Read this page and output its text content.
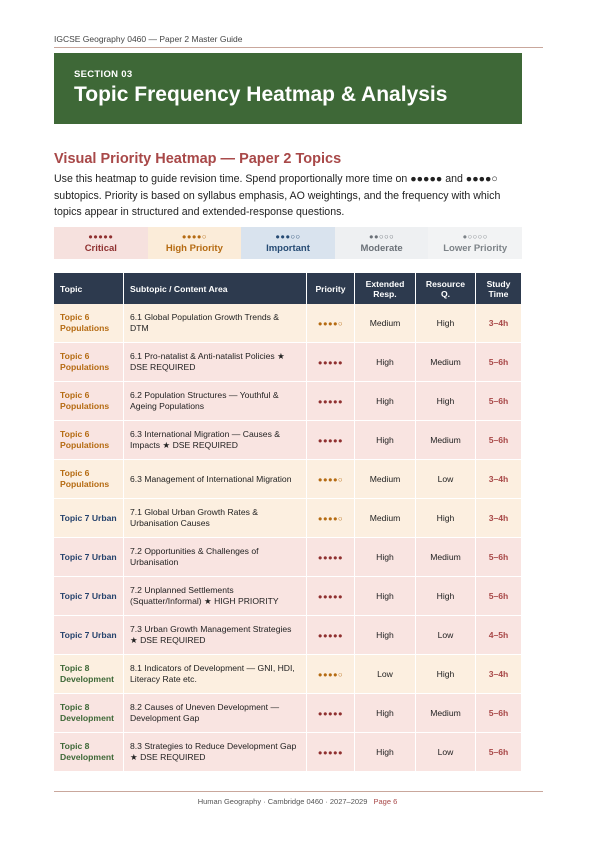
IGCSE Geography 0460 — Paper 2 Master Guide
SECTION 03
Topic Frequency Heatmap & Analysis
Visual Priority Heatmap — Paper 2 Topics
Use this heatmap to guide revision time. Spend proportionally more time on ●●●●● and ●●●●○ subtopics. Priority is based on syllabus emphasis, AO weightings, and the frequency with which topics appear in structured and extended-response questions.
●●●●●
Critical
●●●●○
High Priority
●●●○○
Important
●●○○○
Moderate
●○○○○
Lower Priority
Topic	Subtopic / Content Area	Priority	Extended Resp.	Resource Q.	Study Time
Topic 6 Populations	6.1 Global Population Growth Trends & DTM	●●●●○	Medium	High	3–4h
Topic 6 Populations	6.1 Pro-natalist & Anti-natalist Policies ★ DSE REQUIRED	●●●●●	High	Medium	5–6h
Topic 6 Populations	6.2 Population Structures — Youthful & Ageing Populations	●●●●●	High	High	5–6h
Topic 6 Populations	6.3 International Migration — Causes & Impacts ★ DSE REQUIRED	●●●●●	High	Medium	5–6h
Topic 6 Populations	6.3 Management of International Migration	●●●●○	Medium	Low	3–4h
Topic 7 Urban	7.1 Global Urban Growth Rates & Urbanisation Causes	●●●●○	Medium	High	3–4h
Topic 7 Urban	7.2 Opportunities & Challenges of Urbanisation	●●●●●	High	Medium	5–6h
Topic 7 Urban	7.2 Unplanned Settlements (Squatter/Informal) ★ HIGH PRIORITY	●●●●●	High	High	5–6h
Topic 7 Urban	7.3 Urban Growth Management Strategies ★ DSE REQUIRED	●●●●●	High	Low	4–5h
Topic 8 Development	8.1 Indicators of Development — GNI, HDI, Literacy Rate etc.	●●●●○	Low	High	3–4h
Topic 8 Development	8.2 Causes of Uneven Development — Development Gap	●●●●●	High	Medium	5–6h
Topic 8 Development	8.3 Strategies to Reduce Development Gap ★ DSE REQUIRED	●●●●●	High	Low	5–6h
Human Geography · Cambridge 0460 · 2027–2029 Page 6
